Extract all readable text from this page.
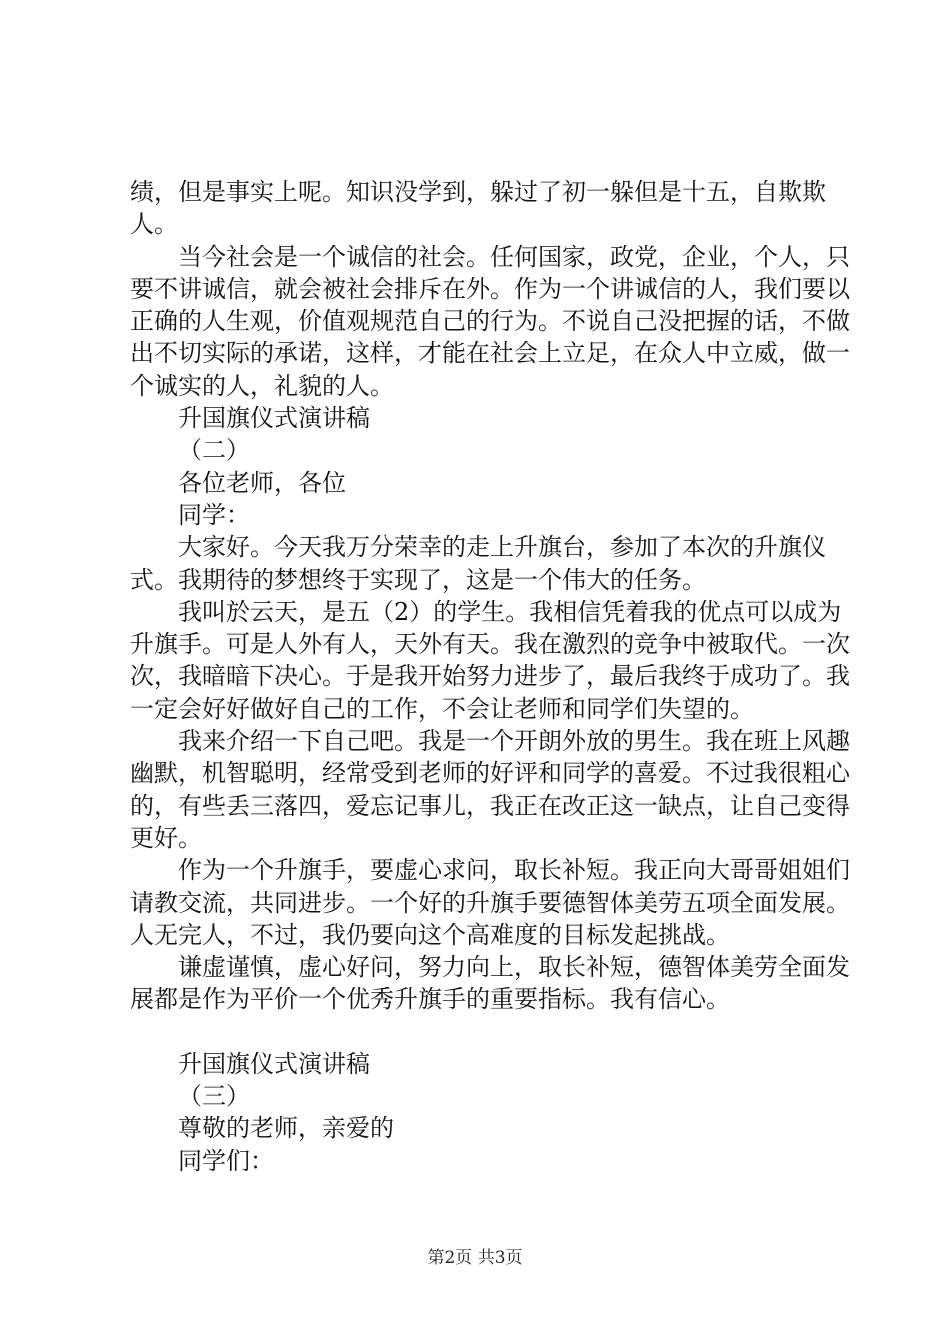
绩，但是事实上呢。知识没学到，躲过了初一躲但是十五，自欺欺人。

当今社会是一个诚信的社会。任何国家，政党，企业，个人，只要不讲诚信，就会被社会排斥在外。作为一个讲诚信的人，我们要以正确的人生观，价值观规范自己的行为。不说自己没把握的话，不做出不切实际的承诺，这样，才能在社会上立足，在众人中立威，做一个诚实的人，礼貌的人。

升国旗仪式演讲稿

（二）

各位老师，各位

同学：

大家好。今天我万分荣幸的走上升旗台，参加了本次的升旗仪式。我期待的梦想终于实现了，这是一个伟大的任务。

我叫於云天，是五（2）的学生。我相信凭着我的优点可以成为升旗手。可是人外有人，天外有天。我在激烈的竞争中被取代。一次次，我暗暗下决心。于是我开始努力进步了，最后我终于成功了。我一定会好好做好自己的工作，不会让老师和同学们失望的。

我来介绍一下自己吧。我是一个开朗外放的男生。我在班上风趣幽默，机智聪明，经常受到老师的好评和同学的喜爱。不过我很粗心的，有些丢三落四，爱忘记事儿，我正在改正这一缺点，让自己变得更好。

作为一个升旗手，要虚心求问，取长补短。我正向大哥哥姐姐们请教交流，共同进步。一个好的升旗手要德智体美劳五项全面发展。人无完人，不过，我仍要向这个高难度的目标发起挑战。

谦虚谨慎，虚心好问，努力向上，取长补短，德智体美劳全面发展都是作为平价一个优秀升旗手的重要指标。我有信心。

升国旗仪式演讲稿

（三）

尊敬的老师，亲爱的

同学们：

第2页 共3页
